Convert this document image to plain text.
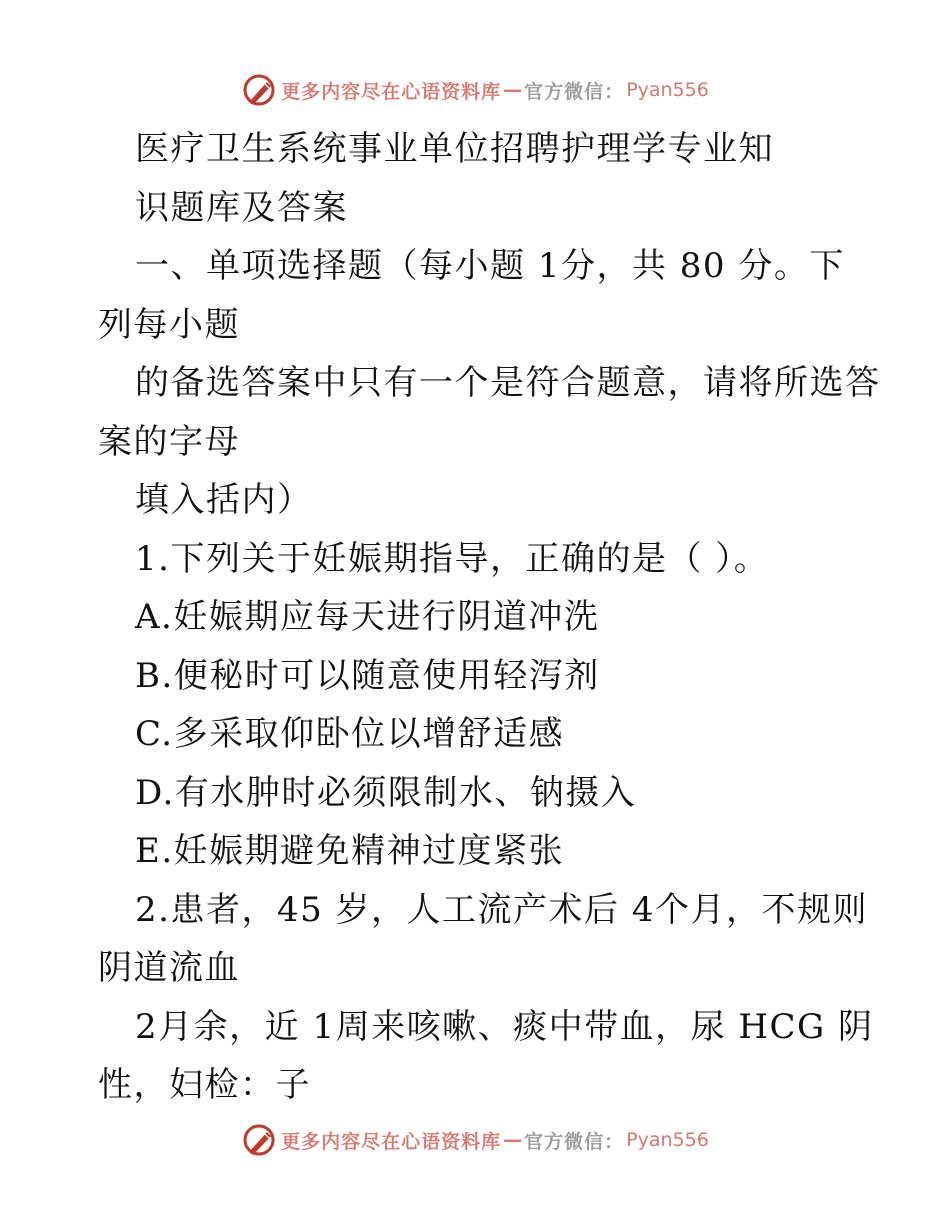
更多内容尽在心语资料库 — 官方微信： Pyan556
医疗卫生系统事业单位招聘护理学专业知
识题库及答案
一、单项选择题（每小题 1分，共 80 分。下
列每小题
的备选答案中只有一个是符合题意，请将所选答
案的字母
填入括内）
1.下列关于妊娠期指导，正确的是（ ）。
A.妊娠期应每天进行阴道冲洗
B.便秘时可以随意使用轻泻剂
C.多采取仰卧位以增舒适感
D.有水肿时必须限制水、钠摄入
E.妊娠期避免精神过度紧张
2.患者，45 岁，人工流产术后 4个月，不规则
阴道流血
2月余，近 1周来咳嗽、痰中带血，尿 HCG 阴
性，妇检：子
更多内容尽在心语资料库 — 官方微信： Pyan556
